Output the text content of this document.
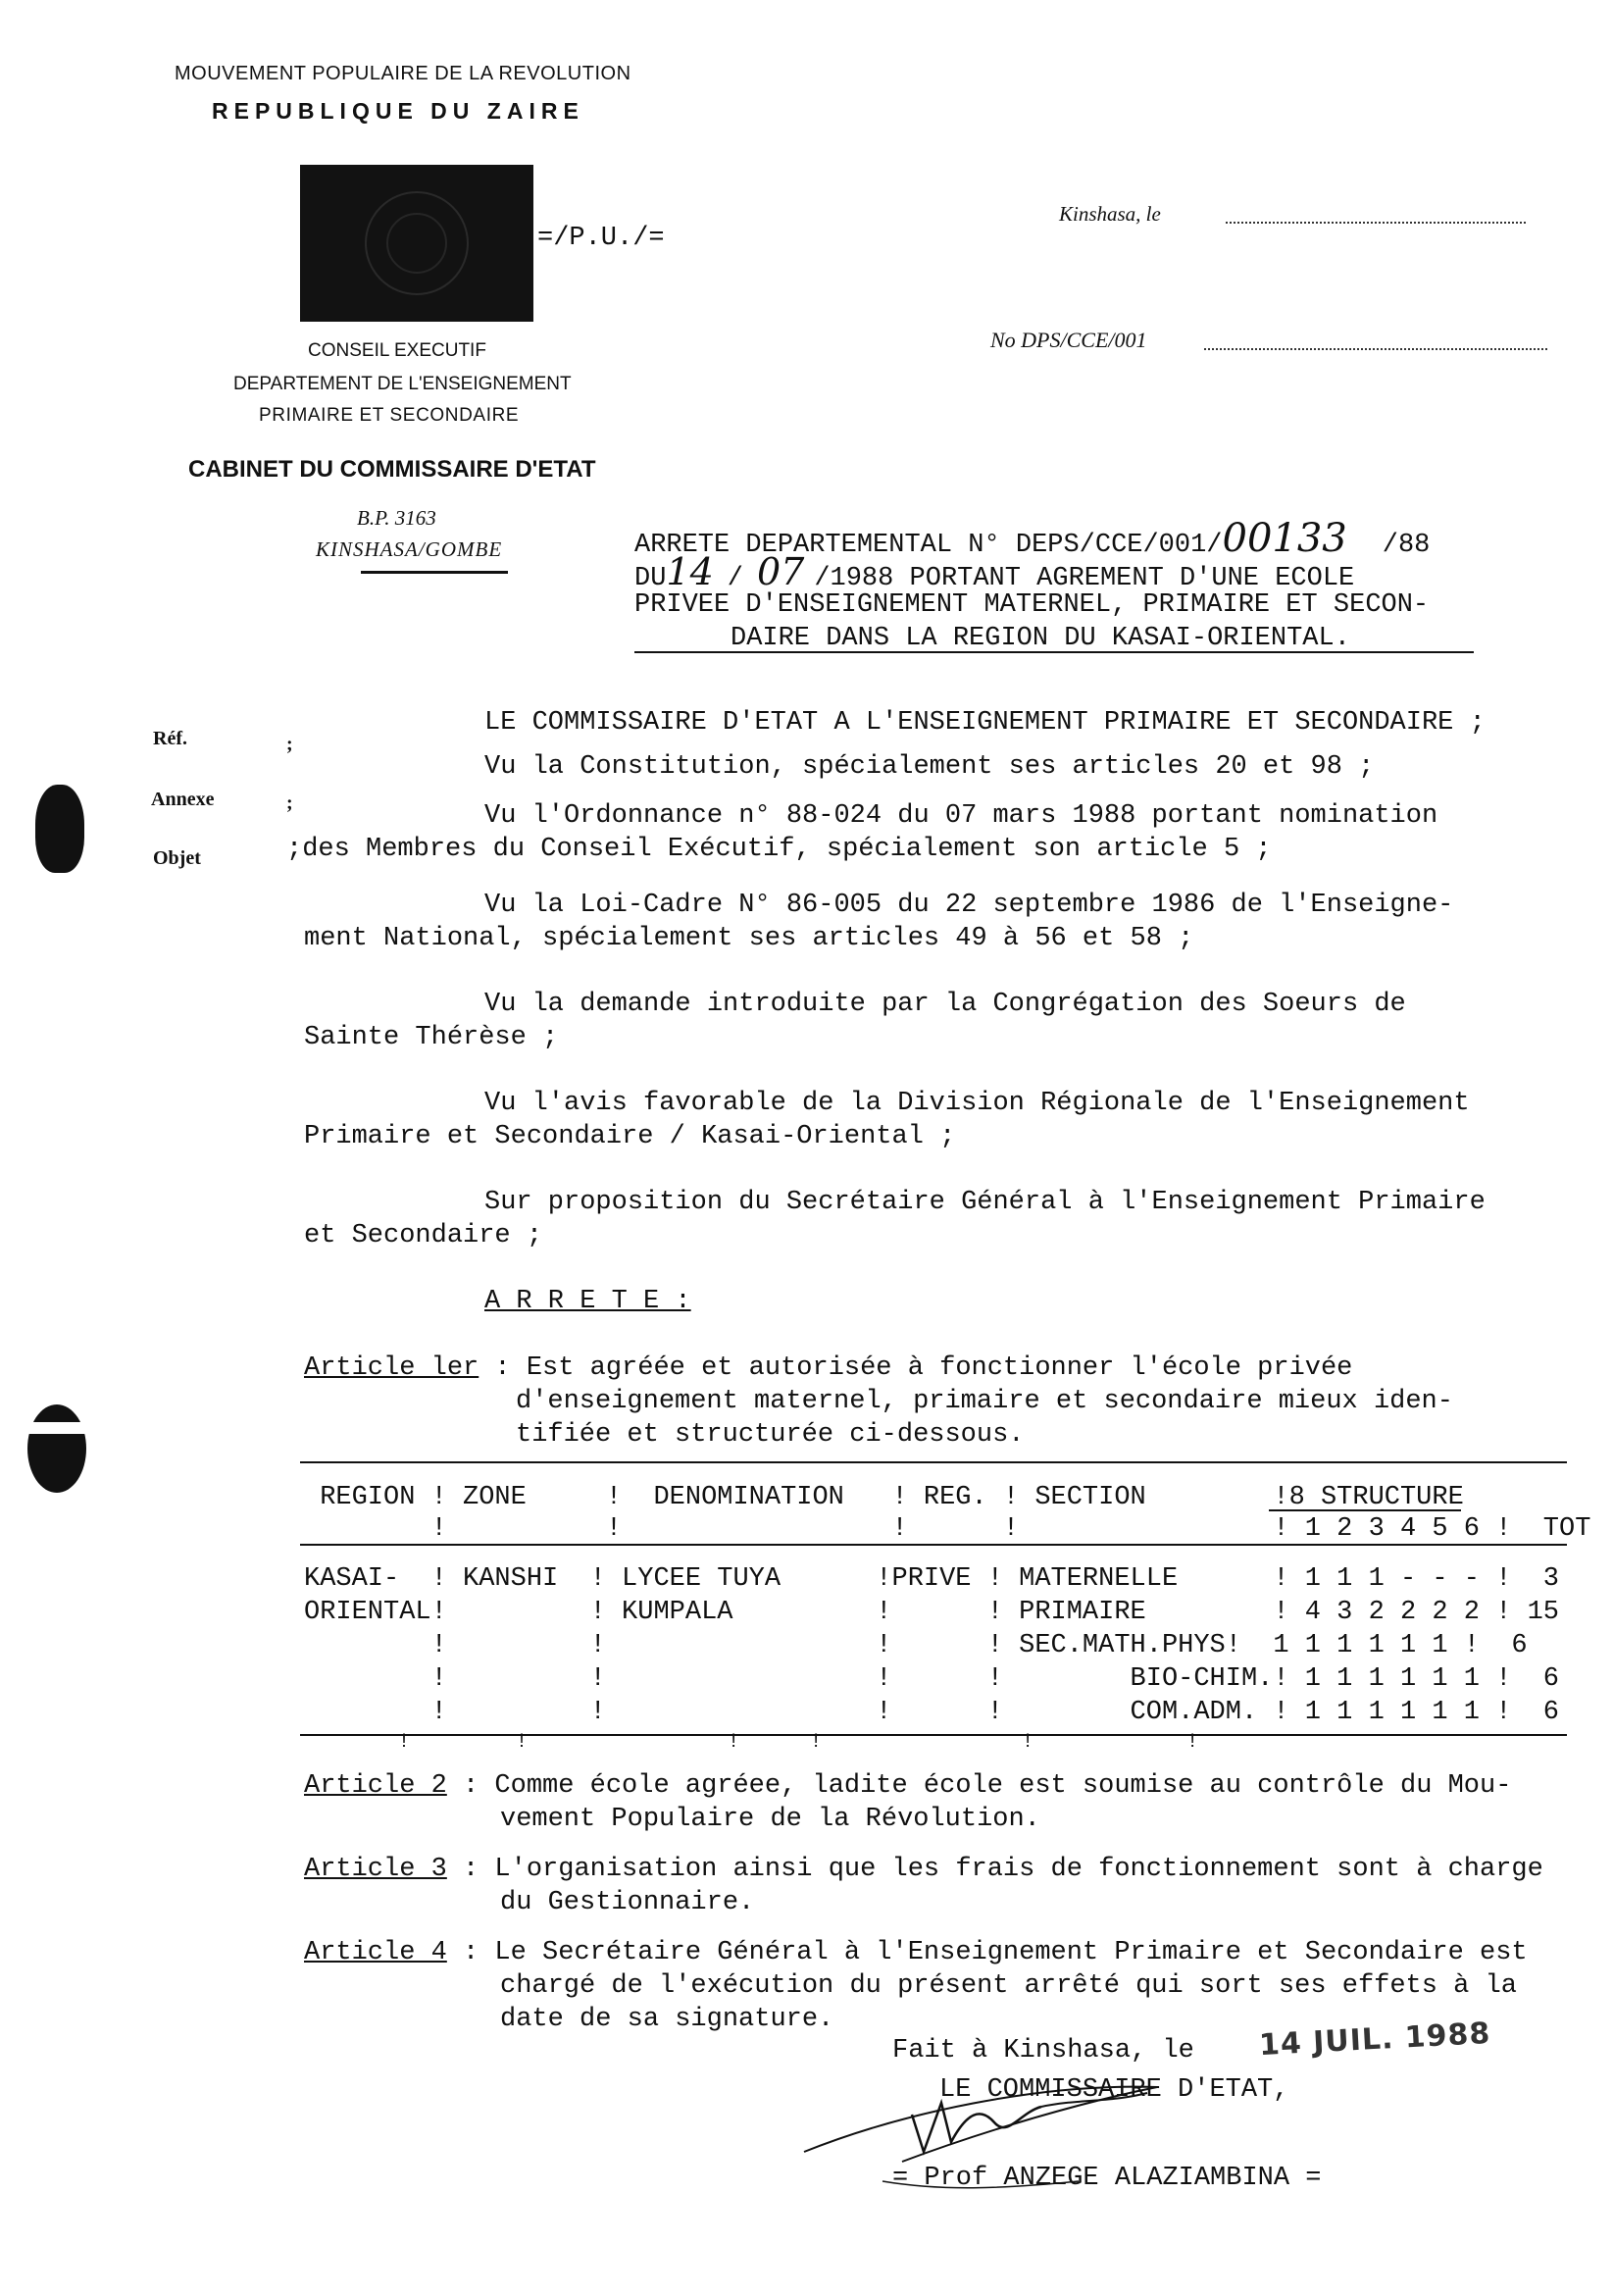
MOUVEMENT POPULAIRE DE LA REVOLUTION
REPUBLIQUE DU ZAIRE
=/P.U./=
CONSEIL EXECUTIF
DEPARTEMENT DE L'ENSEIGNEMENT
PRIMAIRE ET SECONDAIRE
CABINET DU COMMISSAIRE D'ETAT
B.P. 3163
KINSHASA/GOMBE
Kinshasa, le
No DPS/CCE/001
ARRETE DEPARTEMENTAL N° DEPS/CCE/001/00133 /88
DU14 / 07 /1988 PORTANT AGREMENT D'UNE ECOLE
PRIVEE D'ENSEIGNEMENT MATERNEL, PRIMAIRE ET SECON-
DAIRE DANS LA REGION DU KASAI-ORIENTAL.
Réf.	;
Annexe	;
Objet
LE COMMISSAIRE D'ETAT A L'ENSEIGNEMENT PRIMAIRE ET SECONDAIRE ;
Vu la Constitution, spécialement ses articles 20 et 98 ;
Vu l'Ordonnance n° 88-024 du 07 mars 1988 portant nomination
;des Membres du Conseil Exécutif, spécialement son article 5 ;
Vu la Loi-Cadre N° 86-005 du 22 septembre 1986 de l'Enseigne-
ment National, spécialement ses articles 49 à 56 et 58 ;
Vu la demande introduite par la Congrégation des Soeurs de
Sainte Thérèse ;
Vu l'avis favorable de la Division Régionale de l'Enseignement
Primaire et Secondaire / Kasai-Oriental ;
Sur proposition du Secrétaire Général à l'Enseignement Primaire
et Secondaire ;
A R R E T E :
Article ler : Est agréée et autorisée à fonctionner l'école privée
d'enseignement maternel, primaire et secondaire mieux iden-
tifiée et structurée ci-dessous.
REGION ! ZONE     !  DENOMINATION   ! REG. ! SECTION        !8 STRUCTURE
!          !                 !      !                ! 1 2 3 4 5 6 !  TOT
KASAI-  ! KANSHI  ! LYCEE TUYA      !PRIVE ! MATERNELLE      ! 1 1 1 - - - !  3
ORIENTAL!         ! KUMPALA         !      ! PRIMAIRE        ! 4 3 2 2 2 2 ! 15
!         !                 !      ! SEC.MATH.PHYS!  1 1 1 1 1 1 !  6
!         !                 !      !        BIO-CHIM.! 1 1 1 1 1 1 !  6
!         !                 !      !        COM.ADM. ! 1 1 1 1 1 1 !  6
!         !                 !      !                 !             !
Article 2 : Comme école agréee, ladite école est soumise au contrôle du Mou-
vement Populaire de la Révolution.
Article 3 : L'organisation ainsi que les frais de fonctionnement sont à charge
du Gestionnaire.
Article 4 : Le Secrétaire Général à l'Enseignement Primaire et Secondaire est
chargé de l'exécution du présent arrêté qui sort ses effets à la
date de sa signature.
Fait à Kinshasa, le 14 JUIL. 1988
LE COMMISSAIRE D'ETAT,
= Prof ANZEGE ALAZIAMBINA =
